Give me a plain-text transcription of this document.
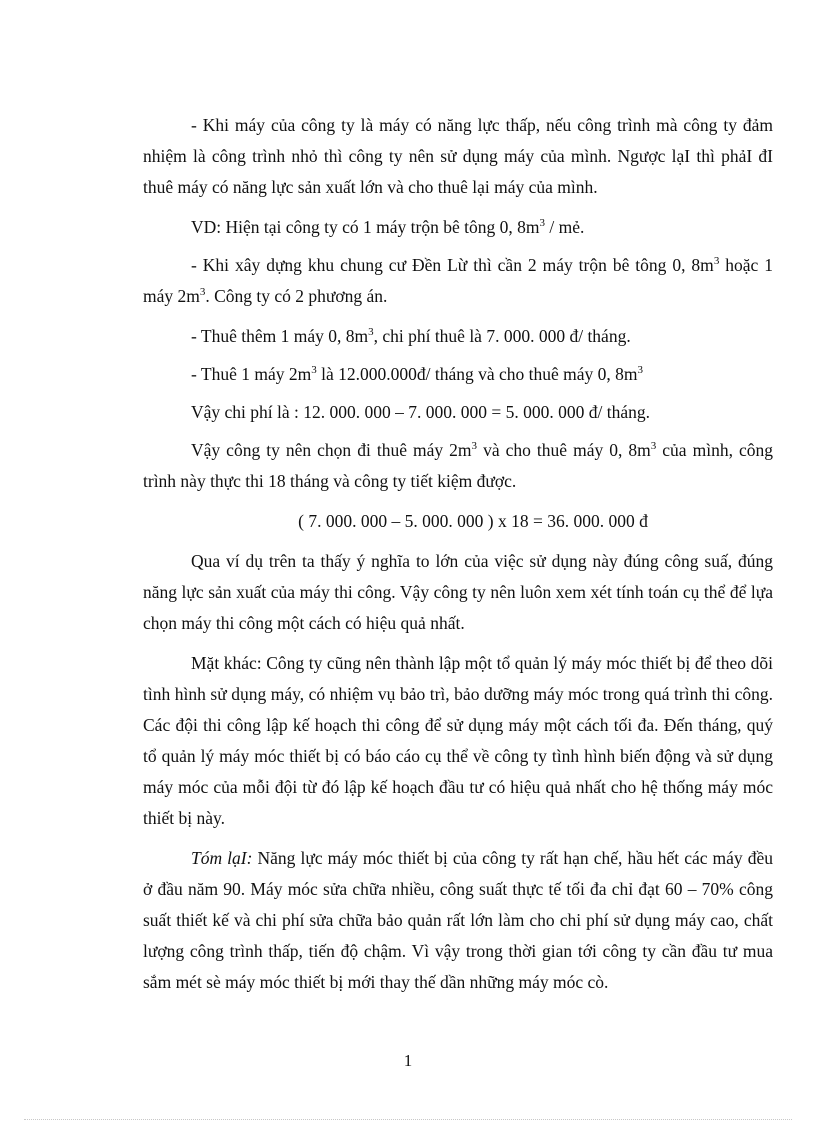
- Khi máy của công ty là máy có năng lực thấp, nếu công trình mà công ty đảm nhiệm là công trình nhỏ thì công ty nên sử dụng máy của mình. Ngược lạI thì phảI đI thuê máy có năng lực sản xuất lớn và cho thuê lại máy của mình.

VD: Hiện tại công ty có 1 máy trộn bê tông 0, $8m^3$ / mẻ.

- Khi xây dựng khu chung cư Đền Lừ thì cần 2 máy trộn bê tông 0, $8m^3$ hoặc 1 máy $2m^3$. Công ty có 2 phương án.

- Thuê thêm 1 máy 0, $8m^3$, chi phí thuê là 7. 000. 000 đ/ tháng.

- Thuê 1 máy $2m^3$ là 12.000.000đ/ tháng và cho thuê máy 0, $8m^3$

Vậy chi phí là : 12. 000. 000 – 7. 000. 000 = 5. 000. 000 đ/ tháng.

Vậy công ty nên chọn đi thuê máy $2m^3$ và cho thuê máy 0, $8m^3$ của mình, công trình này thực thi 18 tháng và công ty tiết kiệm được.

( 7. 000. 000 – 5. 000. 000 ) x 18 = 36. 000. 000 đ

Qua ví dụ trên ta thấy ý nghĩa to lớn của việc sử dụng này đúng công suấ, đúng năng lực sản xuất của máy thi công. Vậy công ty nên luôn xem xét tính toán cụ thể để lựa chọn máy thi công một cách có hiệu quả nhất.

Mặt khác: Công ty cũng nên thành lập một tổ quản lý máy móc thiết bị để theo dõi tình hình sử dụng máy, có nhiệm vụ bảo trì, bảo dưỡng máy móc trong quá trình thi công. Các đội thi công lập kế hoạch thi công để sử dụng máy một cách tối đa. Đến tháng, quý tổ quản lý máy móc thiết bị có báo cáo cụ thể về công ty tình hình biến động và sử dụng máy móc của mỗi đội từ đó lập kế hoạch đầu tư có hiệu quả nhất cho hệ thống máy móc thiết bị này.

Tóm lạI: Năng lực máy móc thiết bị của công ty rất hạn chế, hầu hết các máy đều ở đầu năm 90. Máy móc sửa chữa nhiều, công suất thực tế tối đa chỉ đạt 60 – 70% công suất thiết kế và chi phí sửa chữa bảo quản rất lớn làm cho chi phí sử dụng máy cao, chất lượng công trình thấp, tiến độ chậm. Vì vậy trong thời gian tới công ty cần đầu tư mua sắm mét sè máy móc thiết bị mới thay thế dần những máy móc cò.

1
